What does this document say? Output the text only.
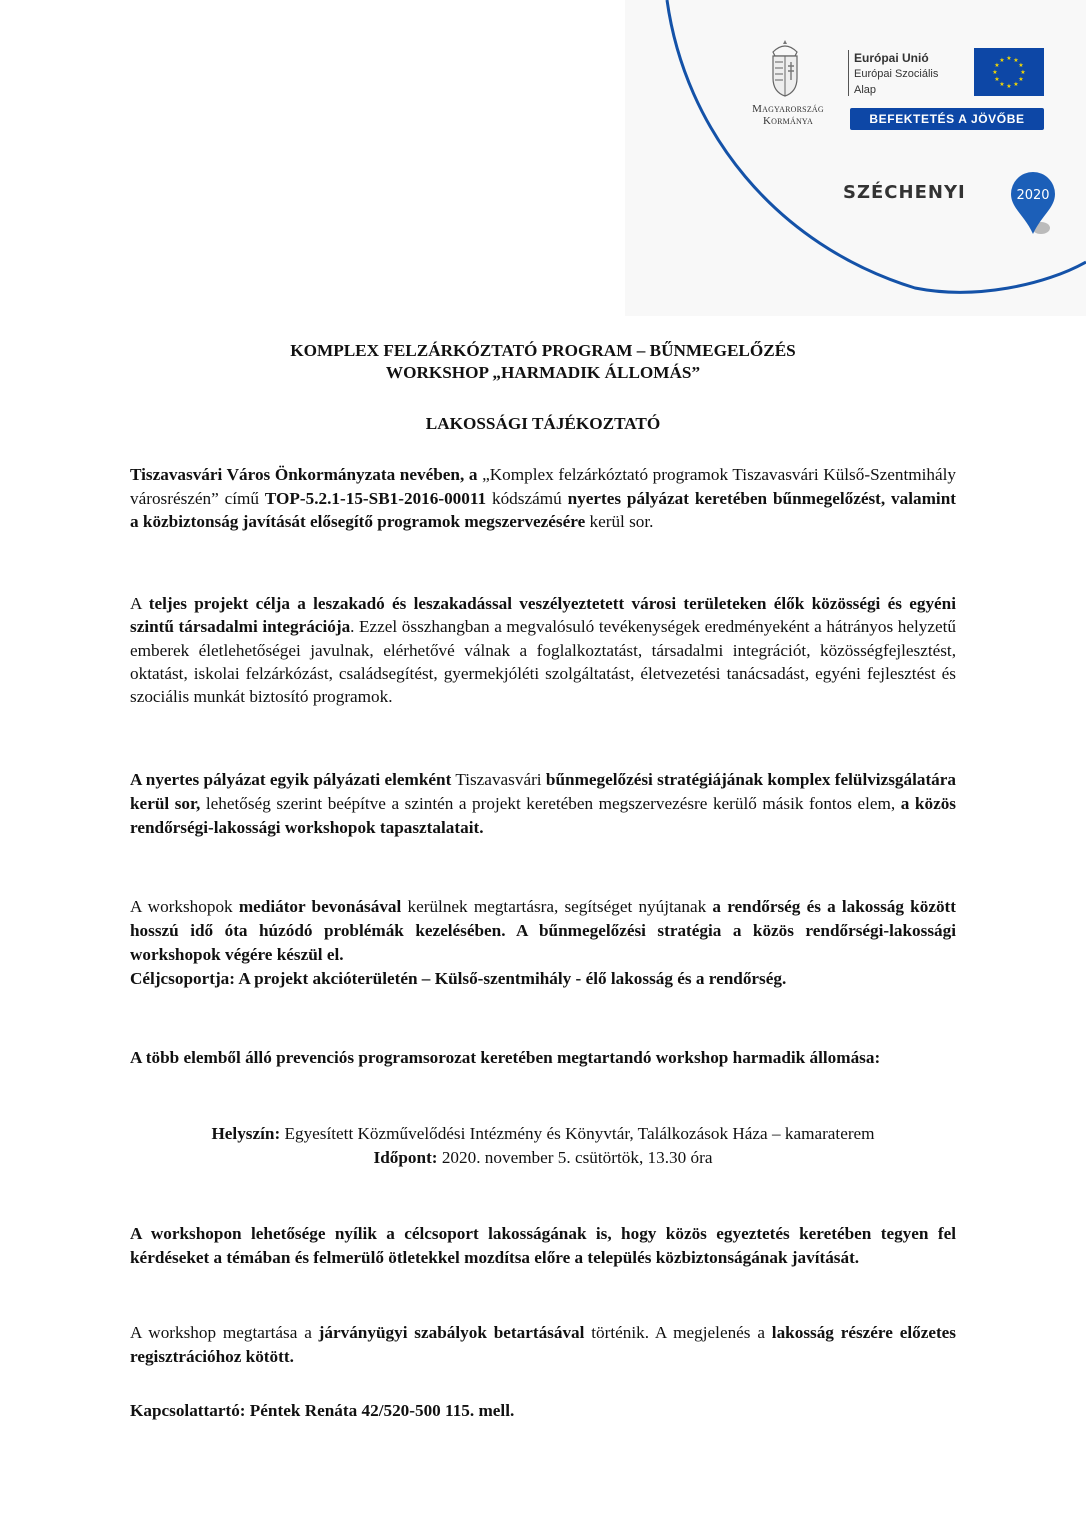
Magyarország
Kormánya
Európai Unió
Európai Szociális
Alap
★ ★
★
★
★
★
★
★
★
★
★
★
BEFEKTETÉS A JÖVŐBE
SZÉCHENYI	2020

KOMPLEX FELZÁRKÓZTATÓ PROGRAM – BŰNMEGELŐZÉS

WORKSHOP „HARMADIK ÁLLOMÁS”

LAKOSSÁGI TÁJÉKOZTATÓ

Tiszavasvári Város Önkormányzata nevében, a „Komplex felzárkóztató programok Tiszavasvári Külső-Szentmihály városrészén” című TOP-5.2.1-15-SB1-2016-00011 kódszámú nyertes pályázat keretében bűnmegelőzést, valamint a közbiztonság javítását elősegítő programok megszervezésére kerül sor.

A teljes projekt célja a leszakadó és leszakadással veszélyeztetett városi területeken élők közösségi és egyéni szintű társadalmi integrációja. Ezzel összhangban a megvalósuló tevékenységek eredményeként a hátrányos helyzetű emberek életlehetőségei javulnak, elérhetővé válnak a foglalkoztatást, társadalmi integrációt, közösségfejlesztést, oktatást, iskolai felzárkózást, családsegítést, gyermekjóléti szolgáltatást, életvezetési tanácsadást, egyéni fejlesztést és szociális munkát biztosító programok.

A nyertes pályázat egyik pályázati elemként Tiszavasvári bűnmegelőzési stratégiájának komplex felülvizsgálatára kerül sor, lehetőség szerint beépítve a szintén a projekt keretében megszervezésre kerülő másik fontos elem, a közös rendőrségi-lakossági workshopok tapasztalatait.

A workshopok mediátor bevonásával kerülnek megtartásra, segítséget nyújtanak a rendőrség és a lakosság között hosszú idő óta húzódó problémák kezelésében. A bűnmegelőzési stratégia a közös rendőrségi-lakossági workshopok végére készül el.

Céljcsoportja: A projekt akcióterületén – Külső-szentmihály - élő lakosság és a rendőrség.

A több elemből álló prevenciós programsorozat keretében megtartandó workshop harmadik állomása:

Helyszín: Egyesített Közművelődési Intézmény és Könyvtár, Találkozások Háza – kamaraterem

Időpont: 2020. november 5. csütörtök, 13.30 óra

A workshopon lehetősége nyílik a célcsoport lakosságának is, hogy közös egyeztetés keretében tegyen fel kérdéseket a témában és felmerülő ötletekkel mozdítsa előre a település közbiztonságának javítását.

A workshop megtartása a járványügyi szabályok betartásával történik. A megjelenés a lakosság részére előzetes regisztrációhoz kötött.

Kapcsolattartó: Péntek Renáta 42/520-500 115. mell.
